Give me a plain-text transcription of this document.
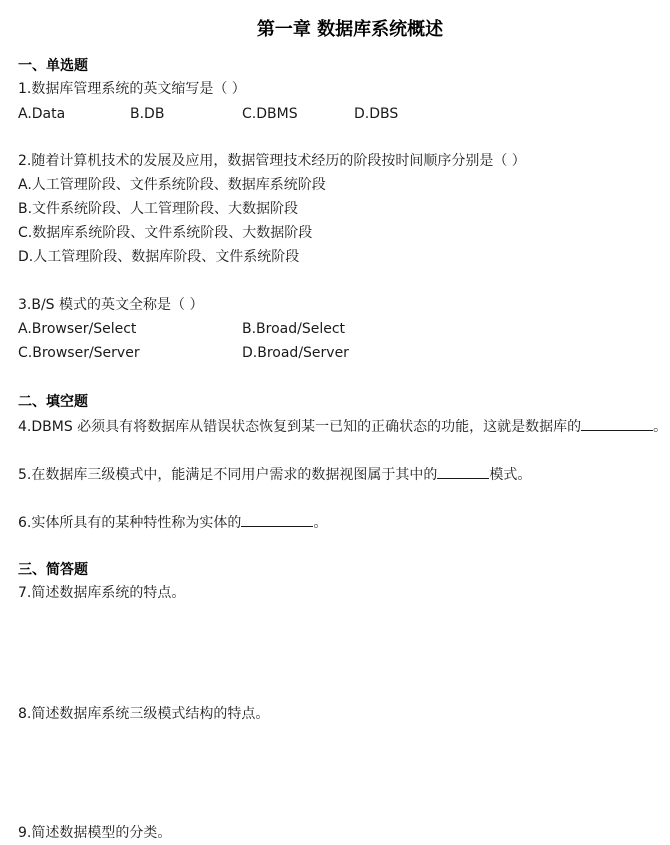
第一章 数据库系统概述
一、单选题
1.数据库管理系统的英文缩写是（ ）
A.Data	B.DB	C.DBMS	D.DBS
2.随着计算机技术的发展及应用，数据管理技术经历的阶段按时间顺序分别是（ ）
A.人工管理阶段、文件系统阶段、数据库系统阶段
B.文件系统阶段、人工管理阶段、大数据阶段
C.数据库系统阶段、文件系统阶段、大数据阶段
D.人工管理阶段、数据库阶段、文件系统阶段
3.B/S 模式的英文全称是（ ）
A.Browser/Select	B.Broad/Select
C.Browser/Server	D.Broad/Server
二、填空题
4.DBMS 必须具有将数据库从错误状态恢复到某一已知的正确状态的功能，这就是数据库的	。
5.在数据库三级模式中，能满足不同用户需求的数据视图属于其中的	模式。
6.实体所具有的某种特性称为实体的	。
三、简答题
7.简述数据库系统的特点。
8.简述数据库系统三级模式结构的特点。
9.简述数据模型的分类。
